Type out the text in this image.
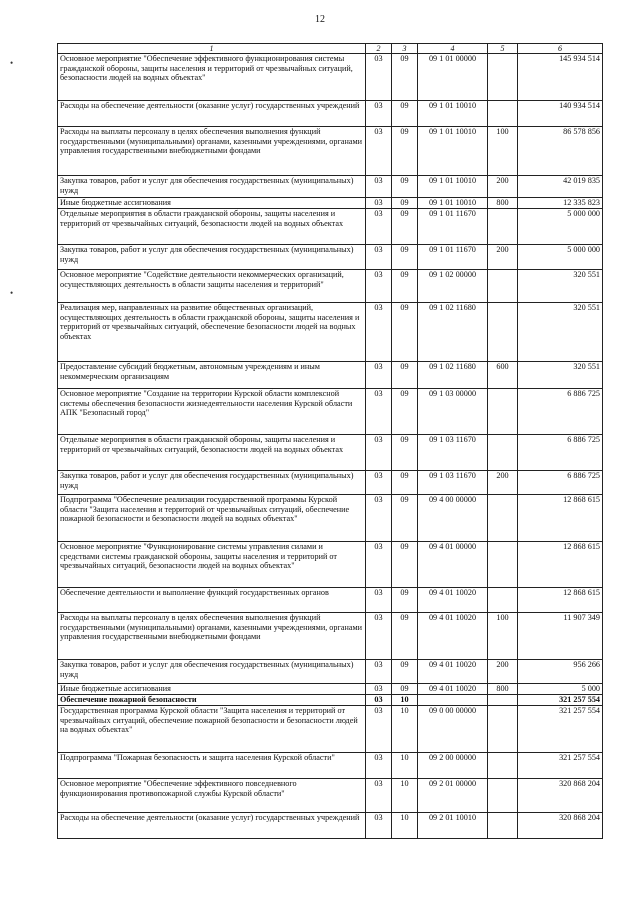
12
•
•
1	2	3	4	5	6
Основное мероприятие "Обеспечение эффективного функционирования системы гражданской обороны, защиты населения и территорий от чрезвычайных ситуаций, безопасности людей на водных объектах"	03	09	09 1 01 00000		145 934 514
Расходы на обеспечение деятельности (оказание услуг) государственных учреждений	03	09	09 1 01 10010		140 934 514
Расходы на выплаты персоналу в целях обеспечения выполнения функций государственными (муниципальными) органами, казенными учреждениями, органами управления государственными внебюджетными фондами	03	09	09 1 01 10010	100	86 578 856
Закупка товаров, работ и услуг для обеспечения государственных (муниципальных) нужд	03	09	09 1 01 10010	200	42 019 835
Иные бюджетные ассигнования	03	09	09 1 01 10010	800	12 335 823
Отдельные мероприятия в области гражданской обороны, защиты населения и территорий от чрезвычайных ситуаций, безопасности людей на водных объектах	03	09	09 1 01 11670		5 000 000
Закупка товаров, работ и услуг для обеспечения государственных (муниципальных) нужд	03	09	09 1 01 11670	200	5 000 000
Основное мероприятие "Содействие деятельности некоммерческих организаций, осуществляющих деятельность в области защиты населения и территорий"	03	09	09 1 02 00000		320 551
Реализация мер, направленных на развитие общественных организаций, осуществляющих деятельность в области гражданской обороны, защиты населения и территорий от чрезвычайных ситуаций, обеспечение безопасности людей на водных объектах	03	09	09 1 02 11680		320 551
Предоставление субсидий бюджетным, автономным учреждениям и иным некоммерческим организациям	03	09	09 1 02 11680	600	320 551
Основное мероприятие "Создание на территории Курской области комплексной системы обеспечения безопасности жизнедеятельности населения Курской области АПК "Безопасный город"	03	09	09 1 03 00000		6 886 725
Отдельные мероприятия в области гражданской обороны, защиты населения и территорий от чрезвычайных ситуаций, безопасности людей на водных объектах	03	09	09 1 03 11670		6 886 725
Закупка товаров, работ и услуг для обеспечения государственных (муниципальных) нужд	03	09	09 1 03 11670	200	6 886 725
Подпрограмма "Обеспечение реализации государственной программы Курской области "Защита населения и территорий от чрезвычайных ситуаций, обеспечение пожарной безопасности и безопасности людей на водных объектах"	03	09	09 4 00 00000		12 868 615
Основное мероприятие "Функционирование системы управления силами и средствами системы гражданской обороны, защиты населения и территорий от чрезвычайных ситуаций, безопасности людей на водных объектах"	03	09	09 4 01 00000		12 868 615
Обеспечение деятельности и выполнение функций государственных органов	03	09	09 4 01 10020		12 868 615
Расходы на выплаты персоналу в целях обеспечения выполнения функций государственными (муниципальными) органами, казенными учреждениями, органами управления государственными внебюджетными фондами	03	09	09 4 01 10020	100	11 907 349
Закупка товаров, работ и услуг для обеспечения государственных (муниципальных) нужд	03	09	09 4 01 10020	200	956 266
Иные бюджетные ассигнования	03	09	09 4 01 10020	800	5 000
Обеспечение пожарной безопасности	03	10			321 257 554
Государственная программа Курской области "Защита населения и территорий от чрезвычайных ситуаций, обеспечение пожарной безопасности и безопасности людей на водных объектах"	03	10	09 0 00 00000		321 257 554
Подпрограмма "Пожарная безопасность и защита населения Курской области"	03	10	09 2 00 00000		321 257 554
Основное мероприятие "Обеспечение эффективного повседневного функционирования противопожарной службы Курской области"	03	10	09 2 01 00000		320 868 204
Расходы на обеспечение деятельности (оказание услуг) государственных учреждений	03	10	09 2 01 10010		320 868 204
